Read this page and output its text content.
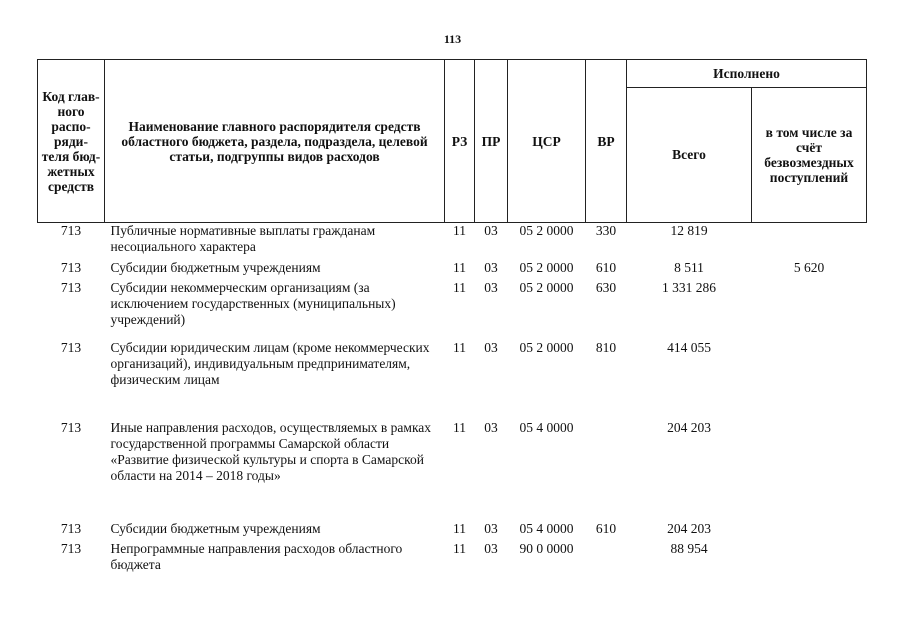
113
Код глав-ного распо-ряди-теля бюд-жетных средств	Наименование главного распорядителя средств областного бюджета, раздела, подраздела, целевой статьи, подгруппы видов расходов	РЗ	ПР	ЦСР	ВР	Исполнено	
						Всего	в том числе за счёт безвозмездных поступлений
713	Публичные нормативные выплаты гражданам несоциального характера	11	03	05 2 0000	330	12 819	
713	Субсидии бюджетным учреждениям	11	03	05 2 0000	610	8 511	5 620
713	Субсидии некоммерческим организациям (за исключением государственных (муниципальных) учреждений)	11	03	05 2 0000	630	1 331 286	
713	Субсидии юридическим лицам (кроме некоммерческих организаций), индивидуальным предпринимателям, физическим лицам	11	03	05 2 0000	810	414 055	
713	Иные направления расходов, осуществляемых в рамках государственной программы Самарской области «Развитие физической культуры и спорта в Самарской области на 2014 – 2018 годы»	11	03	05 4 0000		204 203	
713	Субсидии бюджетным учреждениям	11	03	05 4 0000	610	204 203	
713	Непрограммные направления расходов областного бюджета	11	03	90 0 0000		88 954	
